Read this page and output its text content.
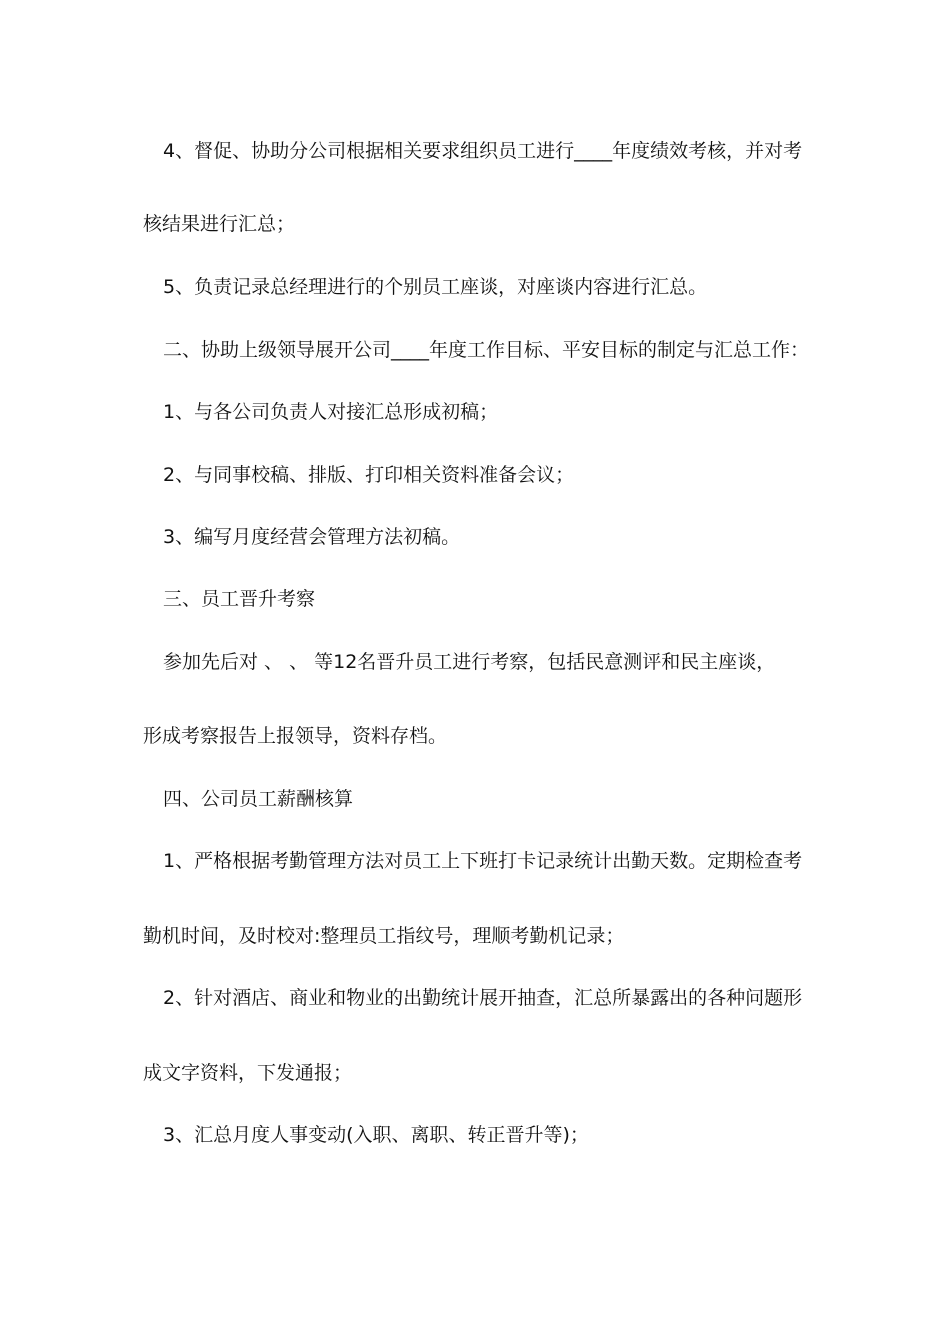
4、督促、协助分公司根据相关要求组织员工进行____年度绩效考核，并对考
核结果进行汇总；
5、负责记录总经理进行的个别员工座谈，对座谈内容进行汇总。
二、协助上级领导展开公司____年度工作目标、平安目标的制定与汇总工作：
1、与各公司负责人对接汇总形成初稿；
2、与同事校稿、排版、打印相关资料准备会议；
3、编写月度经营会管理方法初稿。
三、员工晋升考察
参加先后对 、 、 等12名晋升员工进行考察，包括民意测评和民主座谈，
形成考察报告上报领导，资料存档。
四、公司员工薪酬核算
1、严格根据考勤管理方法对员工上下班打卡记录统计出勤天数。定期检查考
勤机时间，及时校对:整理员工指纹号，理顺考勤机记录；
2、针对酒店、商业和物业的出勤统计展开抽查，汇总所暴露出的各种问题形
成文字资料，下发通报；
3、汇总月度人事变动(入职、离职、转正晋升等)；
